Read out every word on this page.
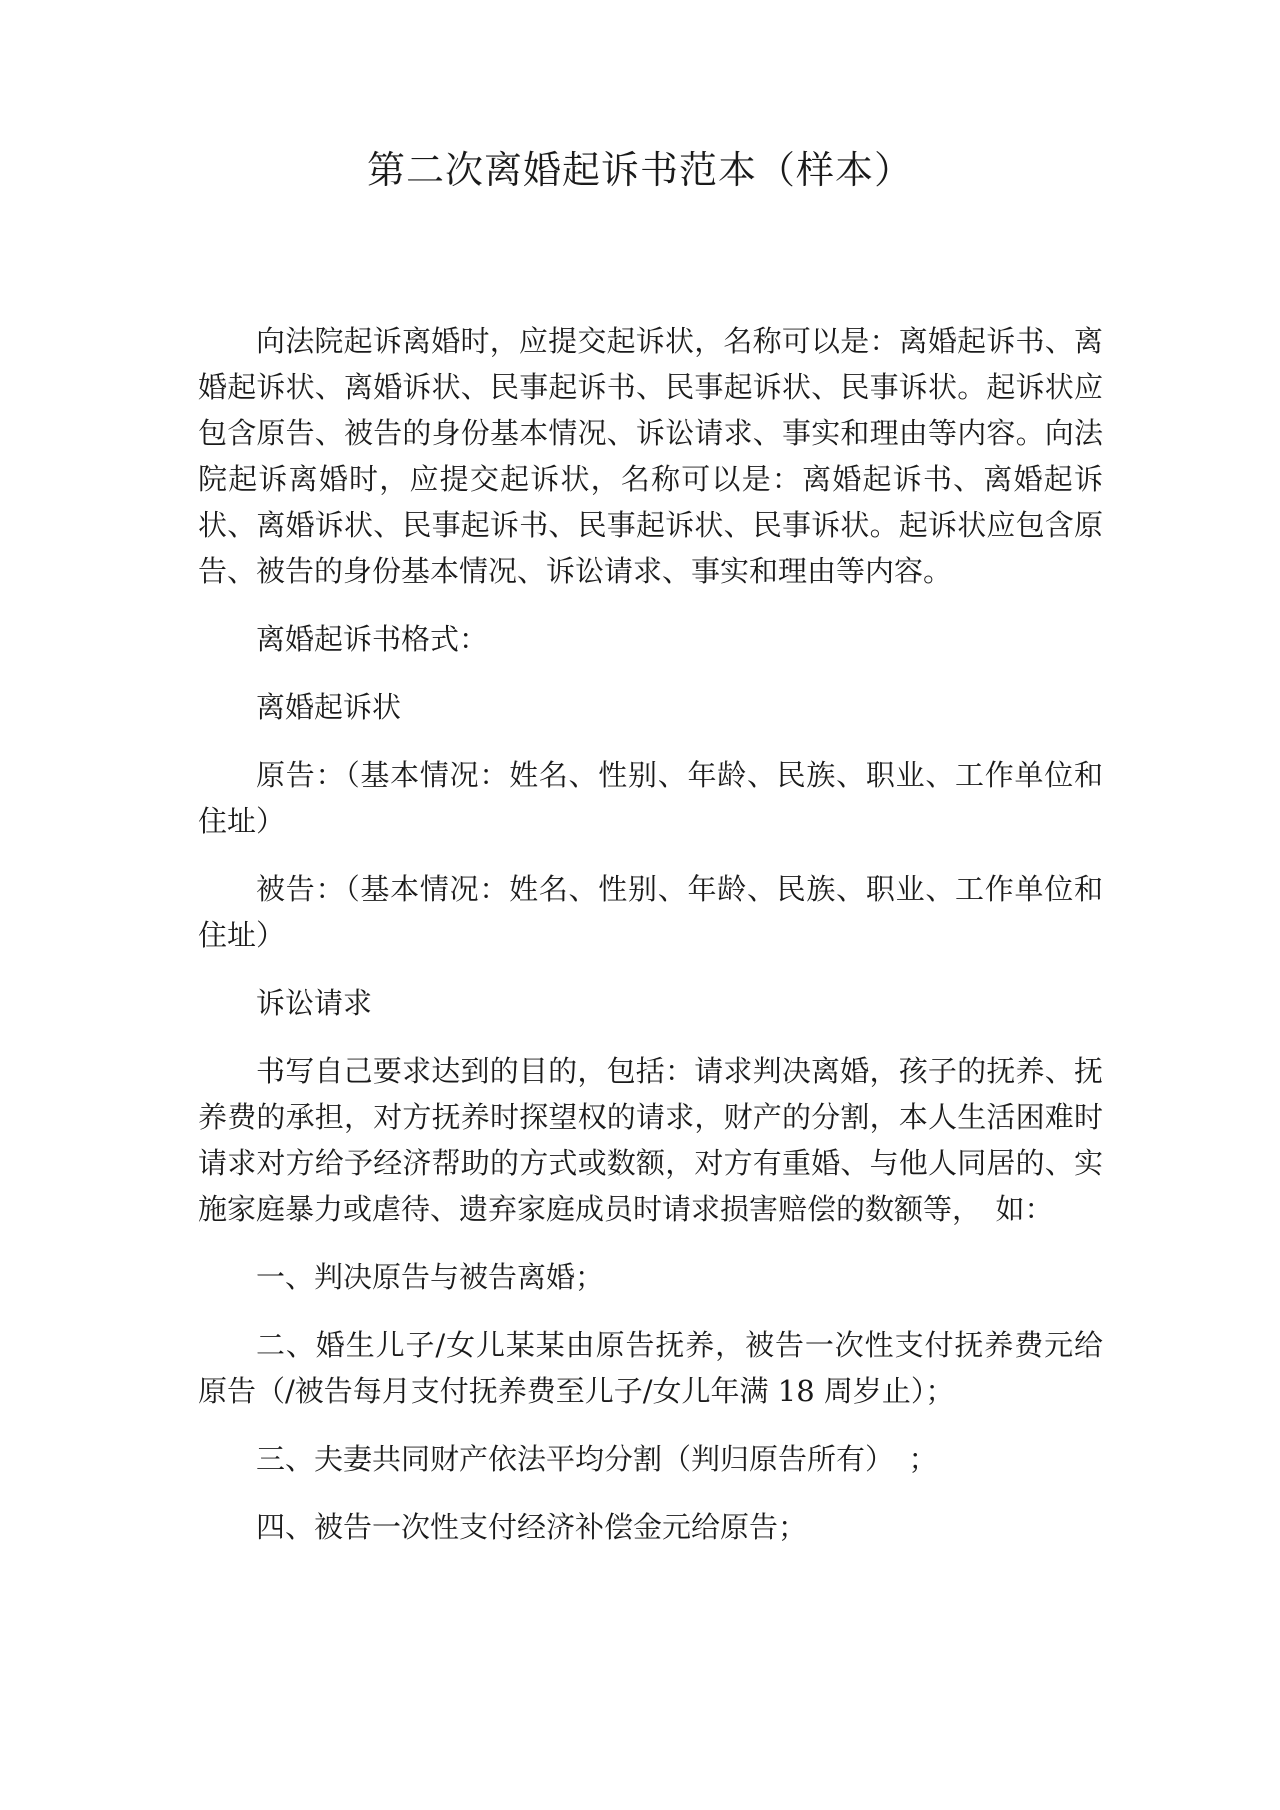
第二次离婚起诉书范本（样本）

向法院起诉离婚时，应提交起诉状，名称可以是：离婚起诉书、离婚起诉状、离婚诉状、民事起诉书、民事起诉状、民事诉状。起诉状应包含原告、被告的身份基本情况、诉讼请求、事实和理由等内容。向法院起诉离婚时，应提交起诉状，名称可以是：离婚起诉书、离婚起诉状、离婚诉状、民事起诉书、民事起诉状、民事诉状。起诉状应包含原告、被告的身份基本情况、诉讼请求、事实和理由等内容。

离婚起诉书格式：

离婚起诉状

原告：（基本情况：姓名、性别、年龄、民族、职业、工作单位和住址）

被告：（基本情况：姓名、性别、年龄、民族、职业、工作单位和住址）

诉讼请求

书写自己要求达到的目的，包括：请求判决离婚，孩子的抚养、抚养费的承担，对方抚养时探望权的请求，财产的分割，本人生活困难时请求对方给予经济帮助的方式或数额，对方有重婚、与他人同居的、实施家庭暴力或虐待、遗弃家庭成员时请求损害赔偿的数额等，　如：

一、判决原告与被告离婚；

二、婚生儿子/女儿某某由原告抚养，被告一次性支付抚养费元给原告（/被告每月支付抚养费至儿子/女儿年满 18 周岁止）；

三、夫妻共同财产依法平均分割（判归原告所有）　；

四、被告一次性支付经济补偿金元给原告；
